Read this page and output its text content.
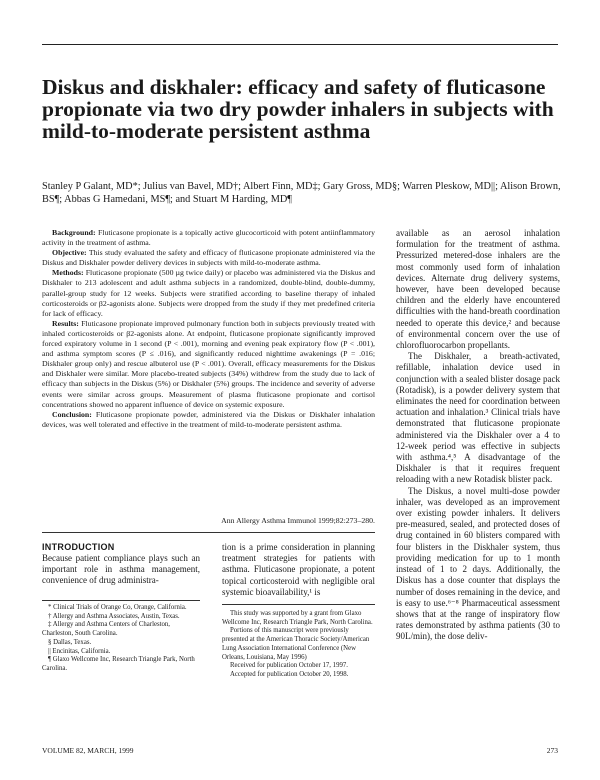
Diskus and diskhaler: efficacy and safety of fluticasone propionate via two dry powder inhalers in subjects with mild-to-moderate persistent asthma

Stanley P Galant, MD*; Julius van Bavel, MD†; Albert Finn, MD‡; Gary Gross, MD§; Warren Pleskow, MD||; Alison Brown, BS¶; Abbas G Hamedani, MS¶; and Stuart M Harding, MD¶

Background: Fluticasone propionate is a topically active glucocorticoid with potent antiinflammatory activity in the treatment of asthma.

Objective: This study evaluated the safety and efficacy of fluticasone propionate administered via the Diskus and Diskhaler powder delivery devices in subjects with mild-to-moderate asthma.

Methods: Fluticasone propionate (500 µg twice daily) or placebo was administered via the Diskus and Diskhaler to 213 adolescent and adult asthma subjects in a randomized, double-blind, double-dummy, parallel-group study for 12 weeks. Subjects were stratified according to baseline therapy of inhaled corticosteroids or β2-agonists alone. Subjects were dropped from the study if they met predefined criteria for lack of efficacy.

Results: Fluticasone propionate improved pulmonary function both in subjects previously treated with inhaled corticosteroids or β2-agonists alone. At endpoint, fluticasone propionate significantly improved forced expiratory volume in 1 second (P < .001), morning and evening peak expiratory flow (P < .001), and asthma symptom scores (P ≤ .016), and significantly reduced nighttime awakenings (P = .016; Diskhaler group only) and rescue albuterol use (P < .001). Overall, efficacy measurements for the Diskus and Diskhaler were similar. More placebo-treated subjects (34%) withdrew from the study due to lack of efficacy than subjects in the Diskus (5%) or Diskhaler (5%) groups. The incidence and severity of adverse events were similar across groups. Measurement of plasma fluticasone propionate and cortisol concentrations showed no apparent influence of device on systemic exposure.

Conclusion: Fluticasone propionate powder, administered via the Diskus or Diskhaler inhalation devices, was well tolerated and effective in the treatment of mild-to-moderate persistent asthma.

Ann Allergy Asthma Immunol 1999;82:273–280.
INTRODUCTION

Because patient compliance plays such an important role in asthma management, convenience of drug administra-

tion is a prime consideration in planning treatment strategies for patients with asthma. Fluticasone propionate, a potent topical corticosteroid with negligible oral systemic bioavailability,¹ is

* Clinical Trials of Orange Co, Orange, California.

† Allergy and Asthma Associates, Austin, Texas.

‡ Allergy and Asthma Centers of Charleston, Charleston, South Carolina.

§ Dallas, Texas.

|| Encinitas, California.

¶ Glaxo Wellcome Inc, Research Triangle Park, North Carolina.

This study was supported by a grant from Glaxo Wellcome Inc, Research Triangle Park, North Carolina.

Portions of this manuscript were previously presented at the American Thoracic Society/American Lung Association International Conference (New Orleans, Louisiana, May 1996)

Received for publication October 17, 1997.

Accepted for publication October 20, 1998.

available as an aerosol inhalation formulation for the treatment of asthma. Pressurized metered-dose inhalers are the most commonly used form of inhalation devices. Alternate drug delivery systems, however, have been developed because children and the elderly have encountered difficulties with the hand-breath coordination needed to operate this device,² and because of environmental concern over the use of chlorofluorocarbon propellants.

The Diskhaler, a breath-activated, refillable, inhalation device used in conjunction with a sealed blister dosage pack (Rotadisk), is a powder delivery system that eliminates the need for coordination between actuation and inhalation.³ Clinical trials have demonstrated that fluticasone propionate administered via the Diskhaler over a 4 to 12-week period was effective in subjects with asthma.⁴,⁵ A disadvantage of the Diskhaler is that it requires frequent reloading with a new Rotadisk blister pack.

The Diskus, a novel multi-dose powder inhaler, was developed as an improvement over existing powder inhalers. It delivers pre-measured, sealed, and protected doses of drug contained in 60 blisters compared with four blisters in the Diskhaler system, thus providing medication for up to 1 month instead of 1 to 2 days. Additionally, the Diskus has a dose counter that displays the number of doses remaining in the device, and is easy to use.⁶⁻⁸ Pharmaceutical assessment shows that at the range of inspiratory flow rates demonstrated by asthma patients (30 to 90L/min), the dose deliv-

VOLUME 82, MARCH, 1999	273
